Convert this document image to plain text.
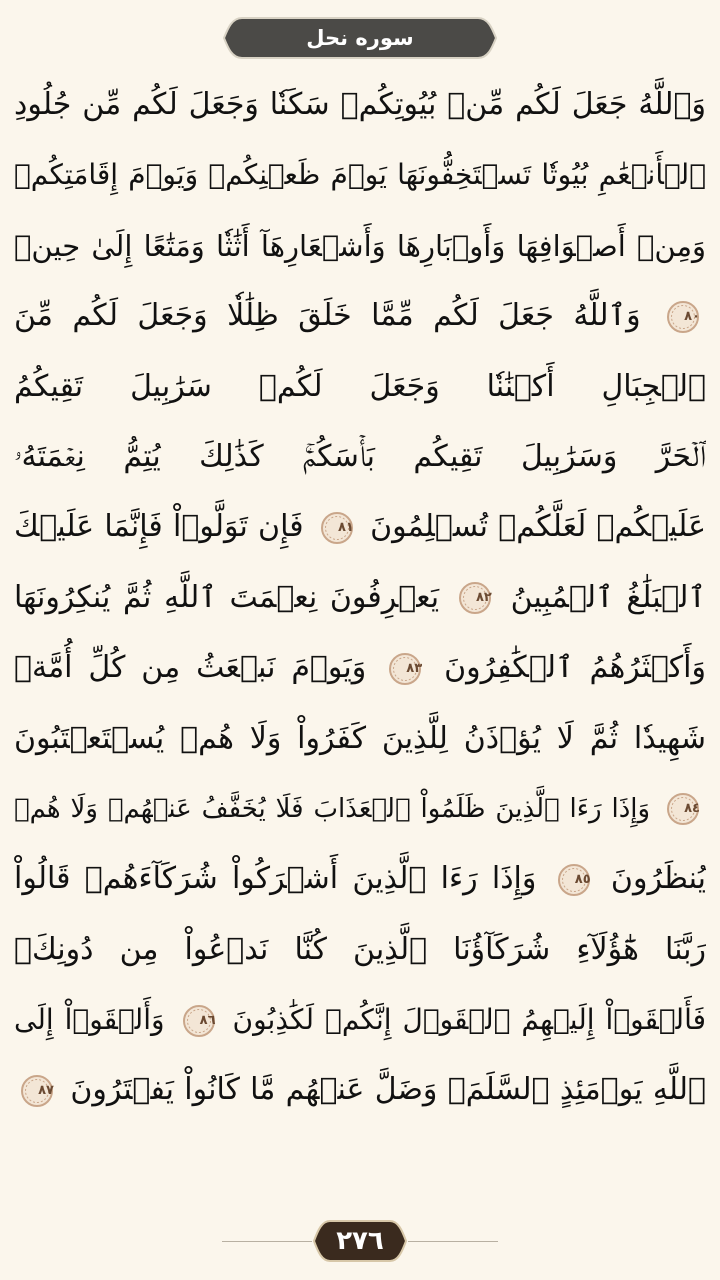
سوره نحل
وَٱللَّهُ جَعَلَ لَكُم مِّنۢ بُيُوتِكُمۡ سَكَنٗا وَجَعَلَ لَكُم مِّن جُلُودِ
ٱلۡأَنۡعَٰمِ بُيُوتٗا تَسۡتَخِفُّونَهَا يَوۡمَ ظَعۡنِكُمۡ وَيَوۡمَ إِقَامَتِكُمۡ
وَمِنۡ أَصۡوَافِهَا وَأَوۡبَارِهَا وَأَشۡعَارِهَآ أَثَٰثٗا وَمَتَٰعًا إِلَىٰ حِينٖ
٨٠
وَٱللَّهُ جَعَلَ لَكُم مِّمَّا خَلَقَ ظِلَٰلٗا وَجَعَلَ لَكُم مِّنَ
ٱلۡجِبَالِ أَكۡنَٰنٗا وَجَعَلَ لَكُمۡ سَرَٰبِيلَ تَقِيكُمُ
ٱلۡحَرَّ وَسَرَٰبِيلَ تَقِيكُم بَأۡسَكُمۡۚ كَذَٰلِكَ يُتِمُّ نِعۡمَتَهُۥ
عَلَيۡكُمۡ لَعَلَّكُمۡ تُسۡلِمُونَ
٨١
فَإِن تَوَلَّوۡاْ فَإِنَّمَا عَلَيۡكَ
ٱلۡبَلَٰغُ ٱلۡمُبِينُ
٨٢
يَعۡرِفُونَ نِعۡمَتَ ٱللَّهِ ثُمَّ يُنكِرُونَهَا
وَأَكۡثَرُهُمُ ٱلۡكَٰفِرُونَ
٨٣
وَيَوۡمَ نَبۡعَثُ مِن كُلِّ أُمَّةٖ
شَهِيدٗا ثُمَّ لَا يُؤۡذَنُ لِلَّذِينَ كَفَرُواْ وَلَا هُمۡ يُسۡتَعۡتَبُونَ
٨٤
وَإِذَا رَءَا ٱلَّذِينَ ظَلَمُواْ ٱلۡعَذَابَ فَلَا يُخَفَّفُ عَنۡهُمۡ وَلَا هُمۡ
يُنظَرُونَ
٨٥
وَإِذَا رَءَا ٱلَّذِينَ أَشۡرَكُواْ شُرَكَآءَهُمۡ قَالُواْ
رَبَّنَا هَٰٓؤُلَآءِ شُرَكَآؤُنَا ٱلَّذِينَ كُنَّا نَدۡعُواْ مِن دُونِكَۖ
فَأَلۡقَوۡاْ إِلَيۡهِمُ ٱلۡقَوۡلَ إِنَّكُمۡ لَكَٰذِبُونَ
٨٦
وَأَلۡقَوۡاْ إِلَى
ٱللَّهِ يَوۡمَئِذٍ ٱلسَّلَمَۖ وَضَلَّ عَنۡهُم مَّا كَانُواْ يَفۡتَرُونَ
٨٧
٢٧٦
